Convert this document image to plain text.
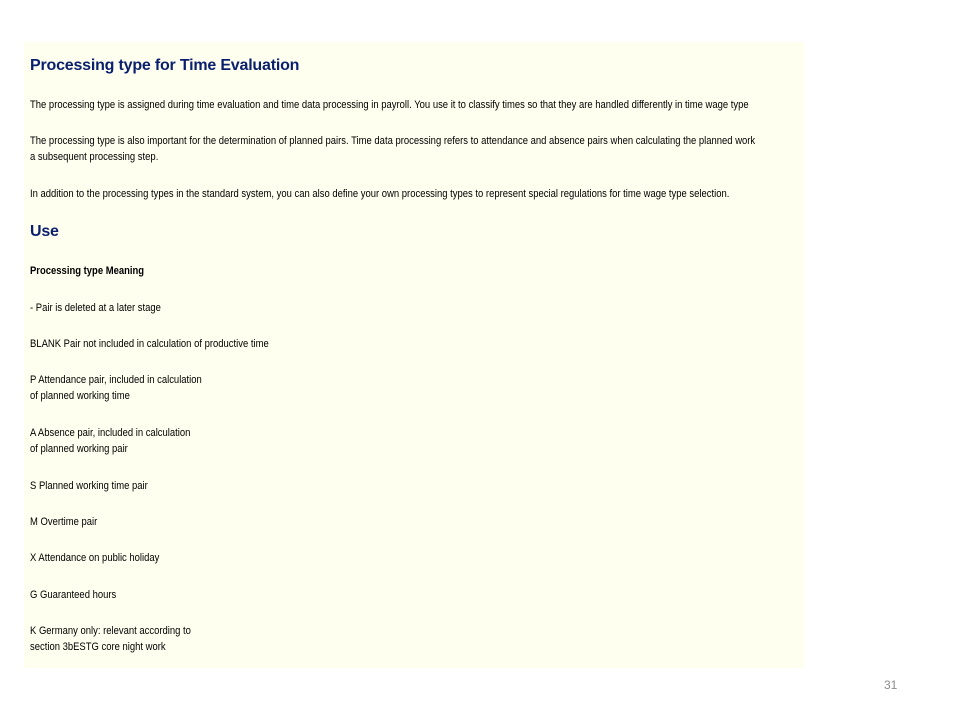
Processing type for Time Evaluation

The processing type is assigned during time evaluation and time data processing in payroll. You use it to classify times so that they are handled differently in time wage type

The processing type is also important for the determination of planned pairs. Time data processing refers to attendance and absence pairs when calculating the planned work
a subsequent processing step.

In addition to the processing types in the standard system, you can also define your own processing types to represent special regulations for time wage type selection.

Use

Processing type Meaning

- Pair is deleted at a later stage

BLANK Pair not included in calculation of productive time

P Attendance pair, included in calculation
of planned working time

A Absence pair, included in calculation
of planned working pair

S Planned working time pair

M Overtime pair

X Attendance on public holiday

G Guaranteed hours

K Germany only: relevant according to
section 3bESTG core night work

31
